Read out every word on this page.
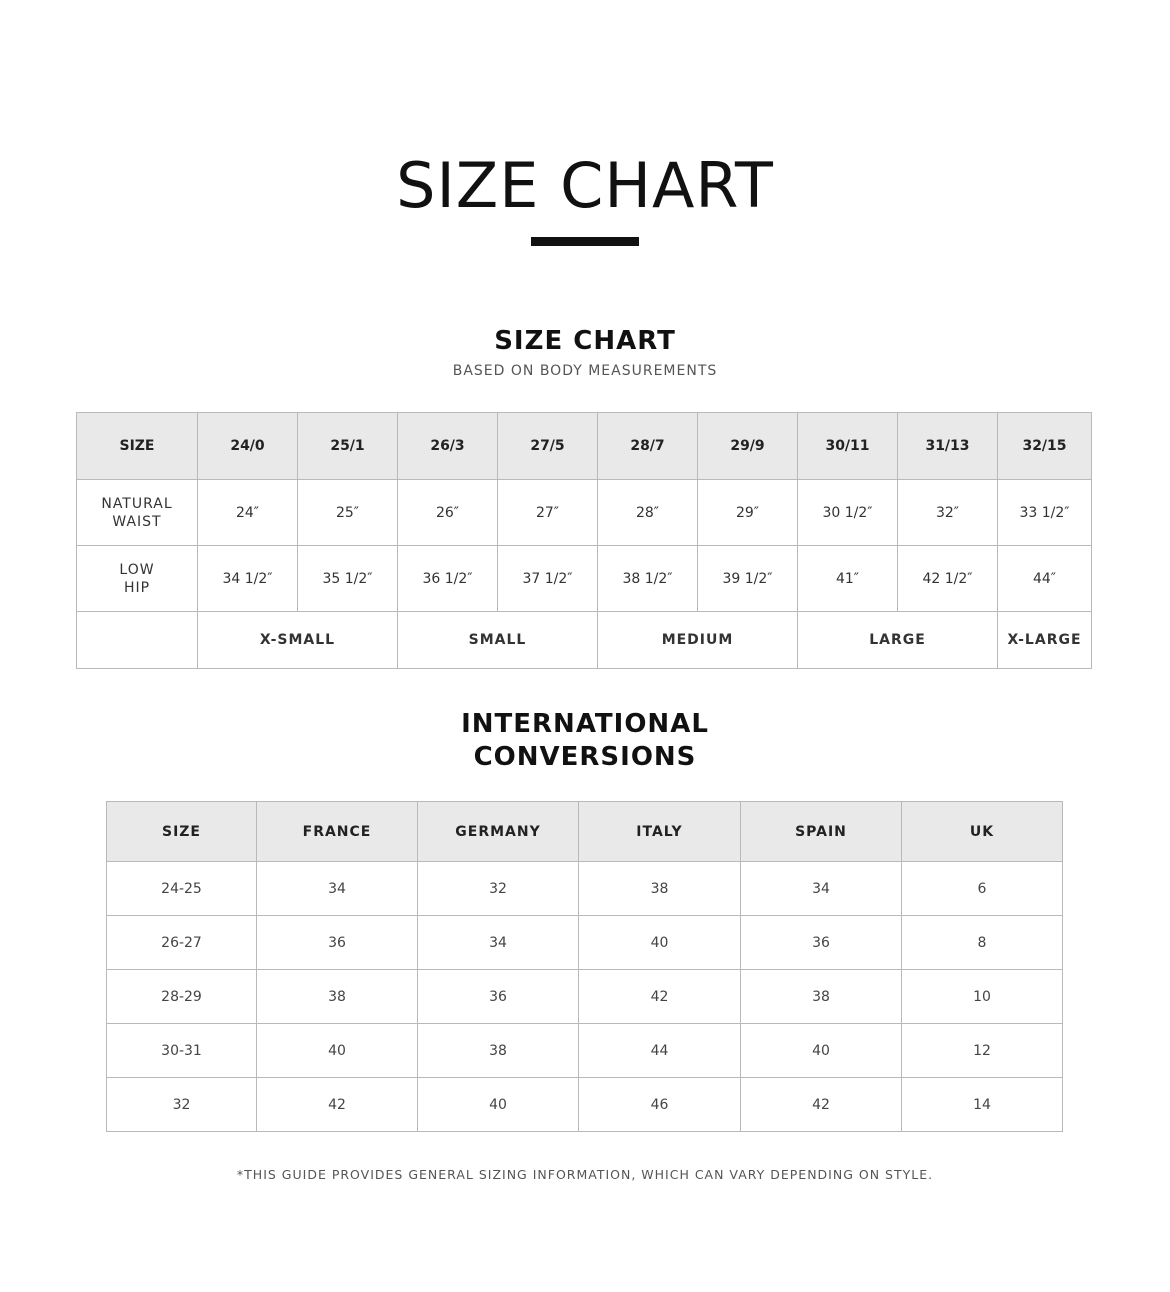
SIZE CHART
SIZE CHART
BASED ON BODY MEASUREMENTS
SIZE	24/0	25/1	26/3	27/5	28/7	29/9	30/11	31/13	32/15
NATURAL
WAIST	24″	25″	26″	27″	28″	29″	30 1/2″	32″	33 1/2″
LOW
HIP	34 1/2″	35 1/2″	36 1/2″	37 1/2″	38 1/2″	39 1/2″	41″	42 1/2″	44″
	X-SMALL		SMALL		MEDIUM		LARGE		X-LARGE
INTERNATIONAL
CONVERSIONS
SIZE	FRANCE	GERMANY	ITALY	SPAIN	UK
24-25	34	32	38	34	6
26-27	36	34	40	36	8
28-29	38	36	42	38	10
30-31	40	38	44	40	12
32	42	40	46	42	14
*THIS GUIDE PROVIDES GENERAL SIZING INFORMATION, WHICH CAN VARY DEPENDING ON STYLE.
